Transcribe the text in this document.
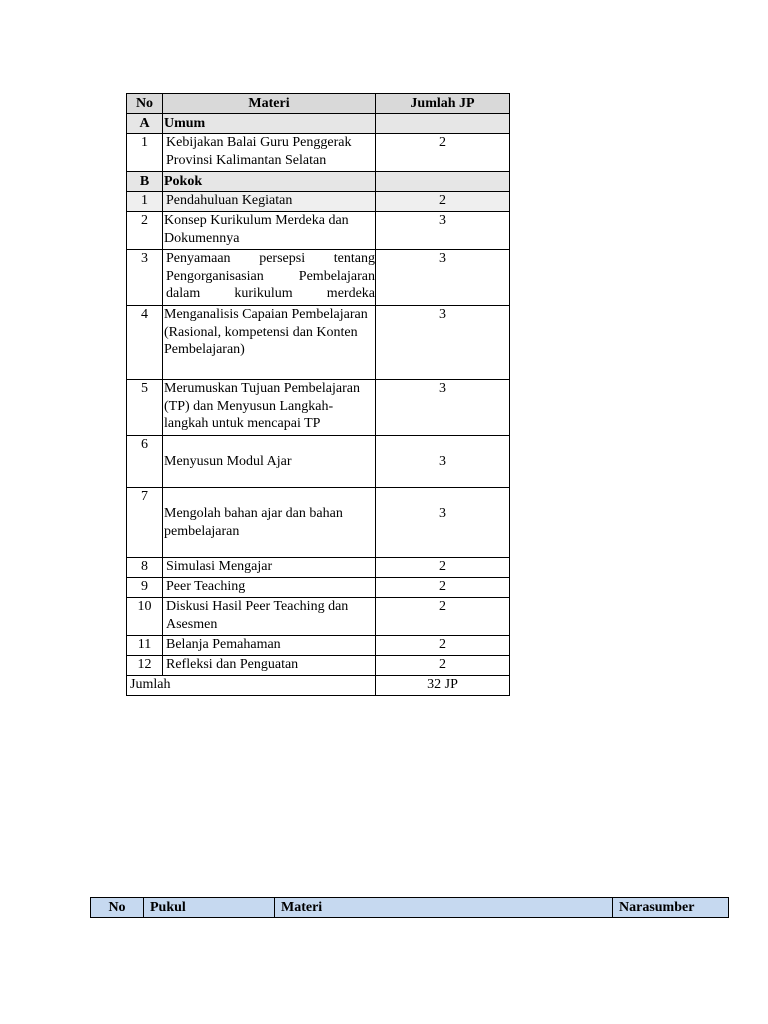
No	Materi	Jumlah JP
A	Umum	
1	Kebijakan Balai Guru Penggerak Provinsi Kalimantan Selatan	2
B	Pokok	
1	Pendahuluan Kegiatan	2
2	Konsep Kurikulum Merdeka dan Dokumennya	3
3	Penyamaan persepsi tentang Pengorganisasian Pembelajaran dalam kurikulum merdeka	3
4	Menganalisis Capaian Pembelajaran (Rasional, kompetensi dan Konten Pembelajaran)	3
5	Merumuskan Tujuan Pembelajaran (TP) dan Menyusun Langkah-langkah untuk mencapai TP	3
6	Menyusun Modul Ajar	3
7	Mengolah bahan ajar dan bahan pembelajaran	3
8	Simulasi Mengajar	2
9	Peer Teaching	2
10	Diskusi Hasil Peer Teaching dan Asesmen	2
11	Belanja Pemahaman	2
12	Refleksi dan Penguatan	2
Jumlah		32 JP
No	Pukul	Materi	Narasumber
